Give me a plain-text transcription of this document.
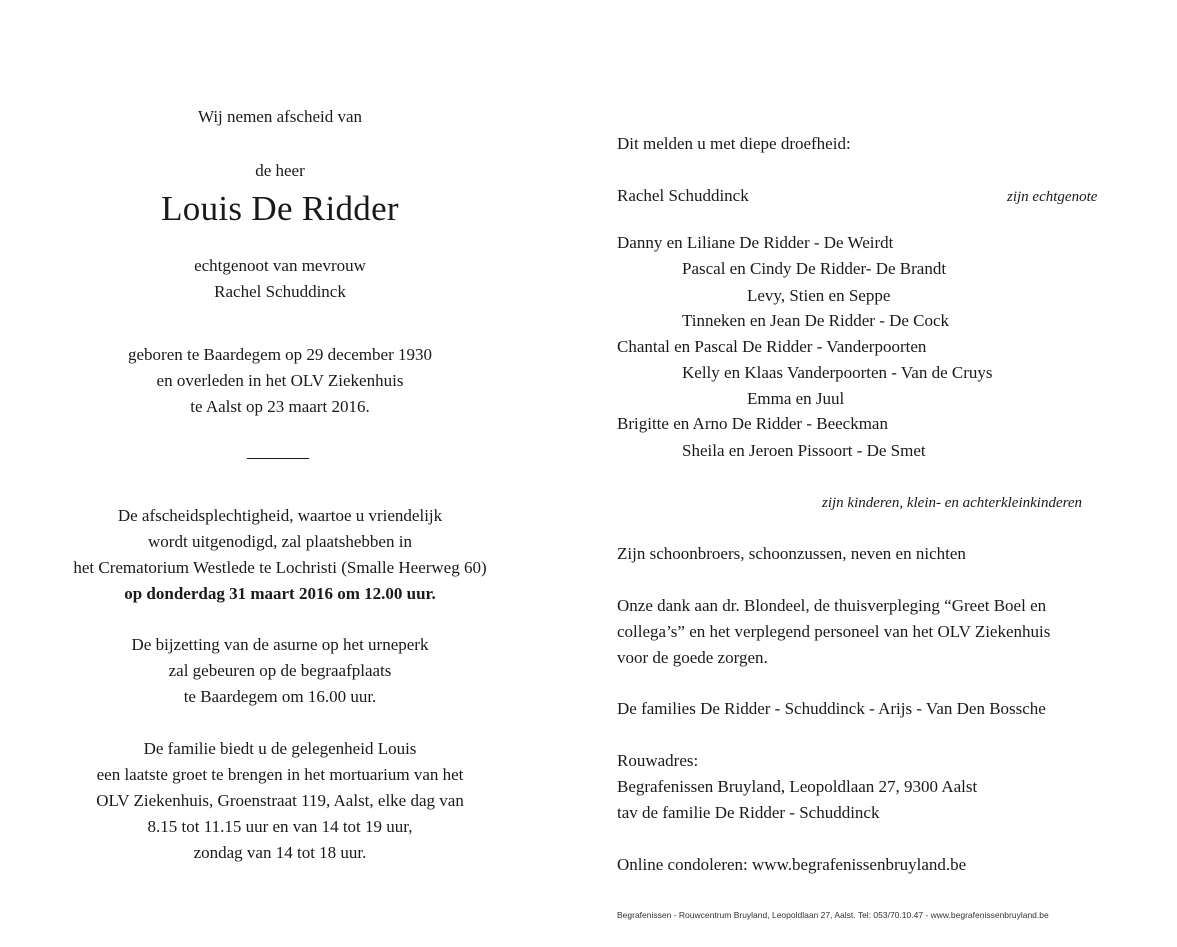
Wij nemen afscheid van
de heer
Louis De Ridder
echtgenoot van mevrouw
Rachel Schuddinck
geboren te Baardegem op 29 december 1930
en overleden in het OLV Ziekenhuis
te Aalst op 23 maart 2016.
De afscheidsplechtigheid, waartoe u vriendelijk
wordt uitgenodigd, zal plaatshebben in
het Crematorium Westlede te Lochristi (Smalle Heerweg 60)
op donderdag 31 maart 2016 om 12.00 uur.
De bijzetting van de asurne op het urneperk
zal gebeuren op de begraafplaats
te Baardegem om 16.00 uur.
De familie biedt u de gelegenheid Louis
een laatste groet te brengen in het mortuarium van het
OLV Ziekenhuis, Groenstraat 119, Aalst, elke dag van
8.15 tot 11.15 uur en van 14 tot 19 uur,
zondag van 14 tot 18 uur.
Dit melden u met diepe droefheid:
Rachel Schuddinck	zijn echtgenote
Danny en Liliane De Ridder - De Weirdt
Pascal en Cindy De Ridder- De Brandt
Levy, Stien en Seppe
Tinneken en Jean De Ridder - De Cock
Chantal en Pascal De Ridder - Vanderpoorten
Kelly en Klaas Vanderpoorten - Van de Cruys
Emma en Juul
Brigitte en Arno De Ridder - Beeckman
Sheila en Jeroen Pissoort - De Smet
zijn kinderen, klein- en achterkleinkinderen
Zijn schoonbroers, schoonzussen, neven en nichten
Onze dank aan dr. Blondeel, de thuisverpleging “Greet Boel en
collega’s” en het verplegend personeel van het OLV Ziekenhuis
voor de goede zorgen.
De families De Ridder - Schuddinck - Arijs - Van Den Bossche
Rouwadres:
Begrafenissen Bruyland, Leopoldlaan 27, 9300 Aalst
tav de familie De Ridder - Schuddinck
Online condoleren: www.begrafenissenbruyland.be
Begrafenissen - Rouwcentrum Bruyland, Leopoldlaan 27, Aalst. Tel: 053/70.10.47 - www.begrafenissenbruyland.be
